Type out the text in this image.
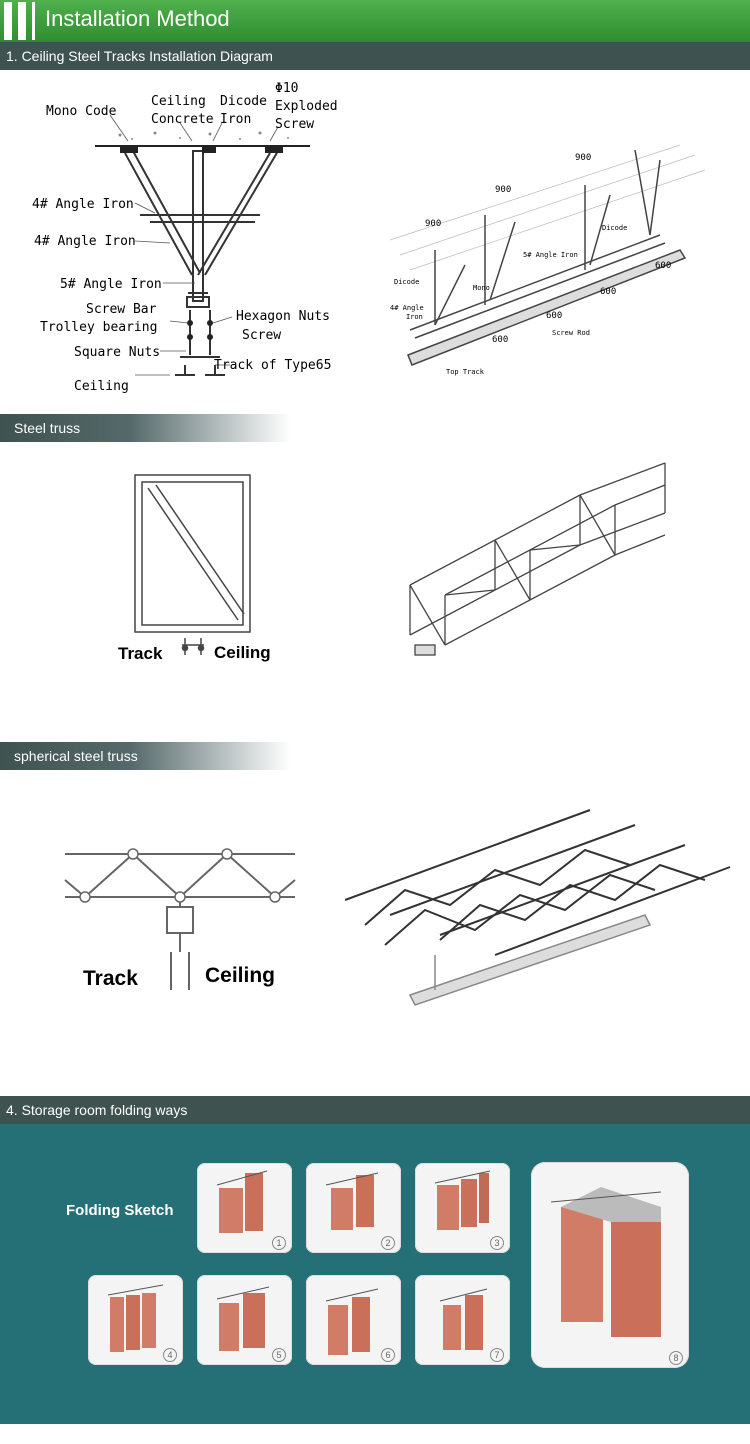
Installation Method
1. Ceiling Steel Tracks Installation Diagram
Mono Code
Ceiling
Concrete
Dicode
Iron
Φ10
Exploded
Screw
4# Angle Iron
4# Angle Iron
5# Angle Iron
Screw Bar
Trolley bearing
Hexagon Nuts
Screw
Square Nuts
Track of Type65
Ceiling
900
900
900	Dicode
Dicode
Mono
5# Angle Iron
4# Angle
Iron
600
600
600
600
Screw Rod
Top Track
Steel truss
Track	Ceiling
spherical steel truss
Track	Ceiling
4. Storage room folding ways
Folding Sketch
1	2	3
4	5	6	7	8
